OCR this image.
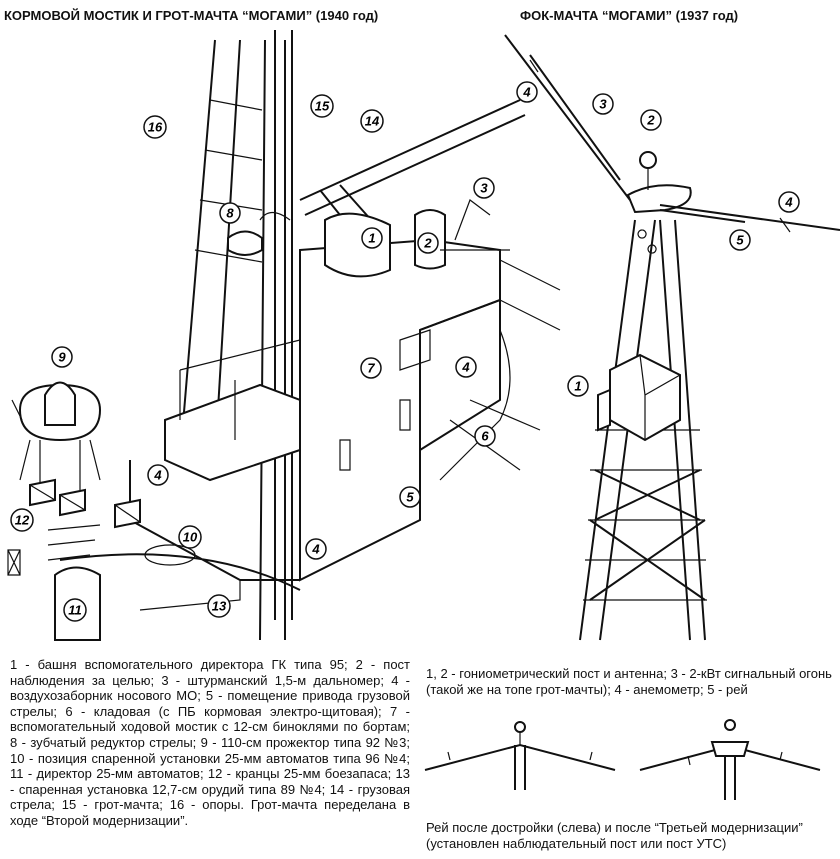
КОРМОВОЙ МОСТИК И ГРОТ-МАЧТА “МОГАМИ” (1940 год)	ФОК-МАЧТА “МОГАМИ” (1937 год)
16
15
14
8
1	2
3
9
7	4
6
5
4
12
10
4
11	13
4
3
2
4
5
1
1 - башня вспомогательного директора ГК типа 95; 2 - пост наблюдения за целью; 3 - штурманский 1,5-м дальномер; 4 - воздухозаборник носового МО; 5 - помещение привода грузовой стрелы; 6 - кладовая (с ПБ кормовая электро-щитовая); 7 - вспомогательный ходовой мостик с 12-см биноклями по бортам; 8 - зубчатый редуктор стрелы; 9 - 110-см прожектор типа 92 №3; 10 - позиция спаренной установки 25-мм автоматов типа 96 №4; 11 - директор 25-мм автоматов; 12 - кранцы 25-мм боезапаса; 13 - спаренная установка 12,7-см орудий типа 89 №4; 14 - грузовая стрела; 15 - грот-мачта; 16 - опоры. Грот-мачта переделана в ходе “Второй модернизации”.
1, 2 - гониометрический пост и антенна; 3 - 2-кВт сигнальный огонь (такой же на топе грот-мачты); 4 - анемометр; 5 - рей
Рей после достройки (слева) и после “Третьей модернизации” (установлен наблюдательный пост или пост УТС)
